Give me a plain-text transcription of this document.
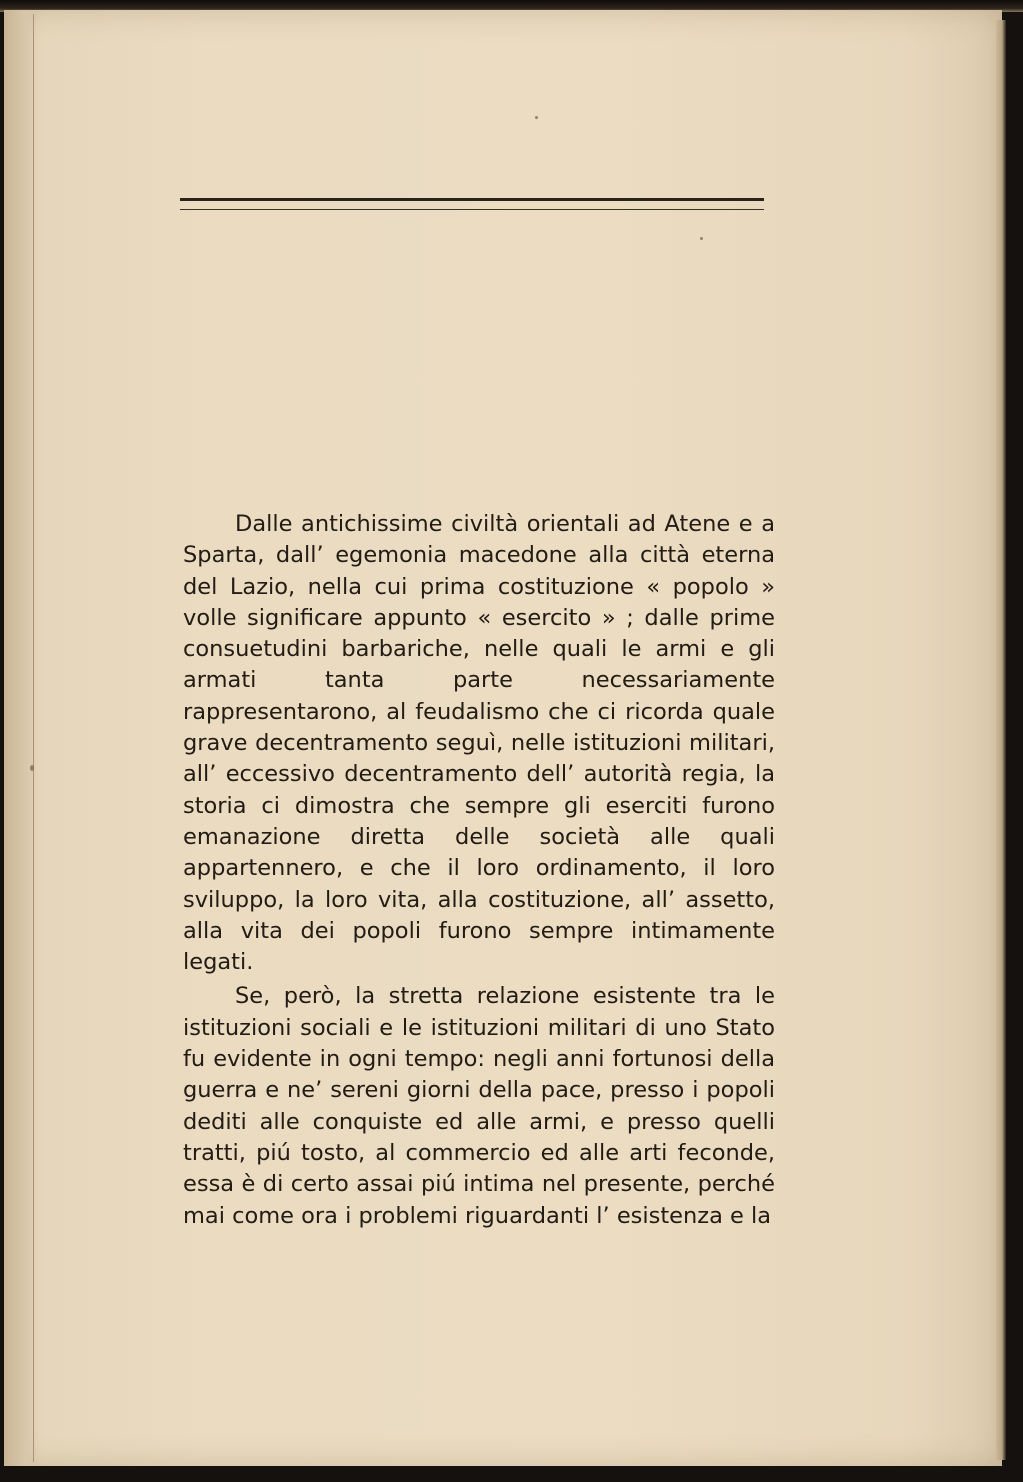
Dalle antichissime civiltà orientali ad Atene e a Sparta, dall’ egemonia macedone alla città eterna del Lazio, nella cui prima costituzione « popolo » volle significare appunto « esercito » ; dalle prime consuetudini barbariche, nelle quali le armi e gli armati tanta parte necessariamente rappresentarono, al feudalismo che ci ricorda quale grave decentramento seguì, nelle istituzioni militari, all’ eccessivo decentramento dell’ autorità regia, la storia ci dimostra che sempre gli eserciti furono emanazione diretta delle società alle quali appartennero, e che il loro ordinamento, il loro sviluppo, la loro vita, alla costituzione, all’ assetto, alla vita dei popoli furono sempre intimamente legati.

Se, però, la stretta relazione esistente tra le istituzioni sociali e le istituzioni militari di uno Stato fu evidente in ogni tempo: negli anni fortunosi della guerra e ne’ sereni giorni della pace, presso i popoli dediti alle conquiste ed alle armi, e presso quelli tratti, piú tosto, al commercio ed alle arti feconde, essa è di certo assai piú intima nel presente, perché mai come ora i problemi riguardanti l’ esistenza e la
